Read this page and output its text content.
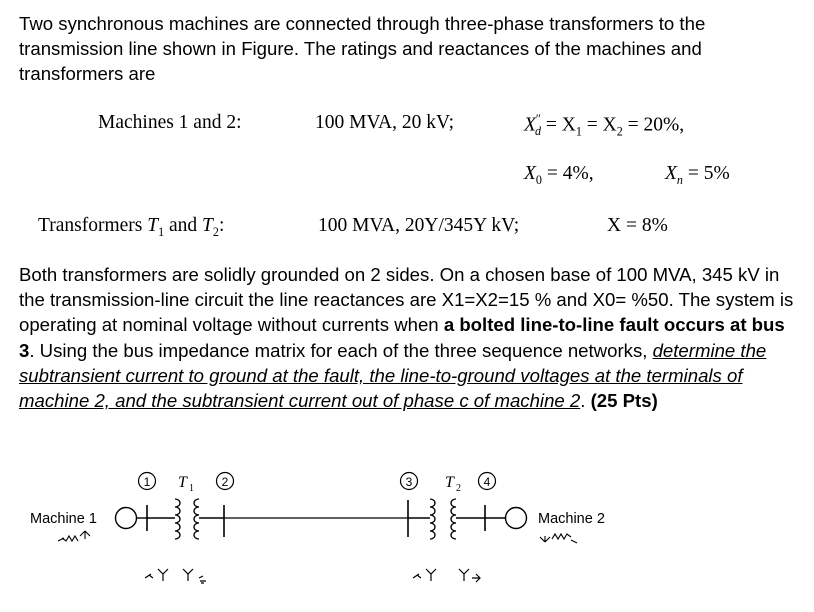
Two synchronous machines are connected through three-phase transformers to the transmission line shown in Figure. The ratings and reactances of the machines and transformers are
Machines 1 and 2:	100 MVA, 20 kV;	$X''_d = X_1 = X_2 = 20\%$,
$X_0 = 4\%$,	$X_n = 5\%$
Transformers $T_1$ and $T_2$:	100 MVA, 20Y/345Y kV;	X = 8%
Both transformers are solidly grounded on 2 sides. On a chosen base of 100 MVA, 345 kV in the transmission-line circuit the line reactances are X1=X2=15 % and X0= %50. The system is operating at nominal voltage without currents when a bolted line-to-line fault occurs at bus 3. Using the bus impedance matrix for each of the three sequence networks, determine the subtransient current to ground at the fault, the line-to-ground voltages at the terminals of machine 2, and the subtransient current out of phase c of machine 2. (25 Pts)
1 T 1 2	3 T 2 4
Machine 1	Machine 2
